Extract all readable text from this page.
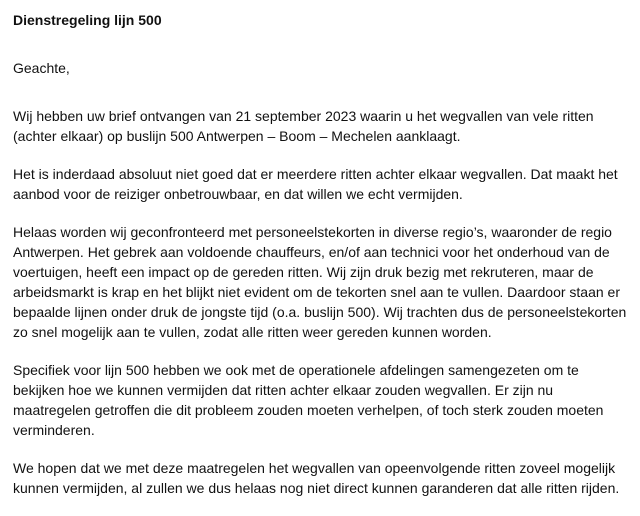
Dienstregeling lijn 500
Geachte,
Wij hebben uw brief ontvangen van 21 september 2023 waarin u het wegvallen van vele ritten
(achter elkaar) op buslijn 500 Antwerpen – Boom – Mechelen aanklaagt.
Het is inderdaad absoluut niet goed dat er meerdere ritten achter elkaar wegvallen. Dat maakt het
aanbod voor de reiziger onbetrouwbaar, en dat willen we echt vermijden.
Helaas worden wij geconfronteerd met personeelstekorten in diverse regio’s, waaronder de regio
Antwerpen. Het gebrek aan voldoende chauffeurs, en/of aan technici voor het onderhoud van de
voertuigen, heeft een impact op de gereden ritten. Wij zijn druk bezig met rekruteren, maar de
arbeidsmarkt is krap en het blijkt niet evident om de tekorten snel aan te vullen. Daardoor staan er
bepaalde lijnen onder druk de jongste tijd (o.a. buslijn 500). Wij trachten dus de personeelstekorten
zo snel mogelijk aan te vullen, zodat alle ritten weer gereden kunnen worden.
Specifiek voor lijn 500 hebben we ook met de operationele afdelingen samengezeten om te
bekijken hoe we kunnen vermijden dat ritten achter elkaar zouden wegvallen. Er zijn nu
maatregelen getroffen die dit probleem zouden moeten verhelpen, of toch sterk zouden moeten
verminderen.
We hopen dat we met deze maatregelen het wegvallen van opeenvolgende ritten zoveel mogelijk
kunnen vermijden, al zullen we dus helaas nog niet direct kunnen garanderen dat alle ritten rijden.
